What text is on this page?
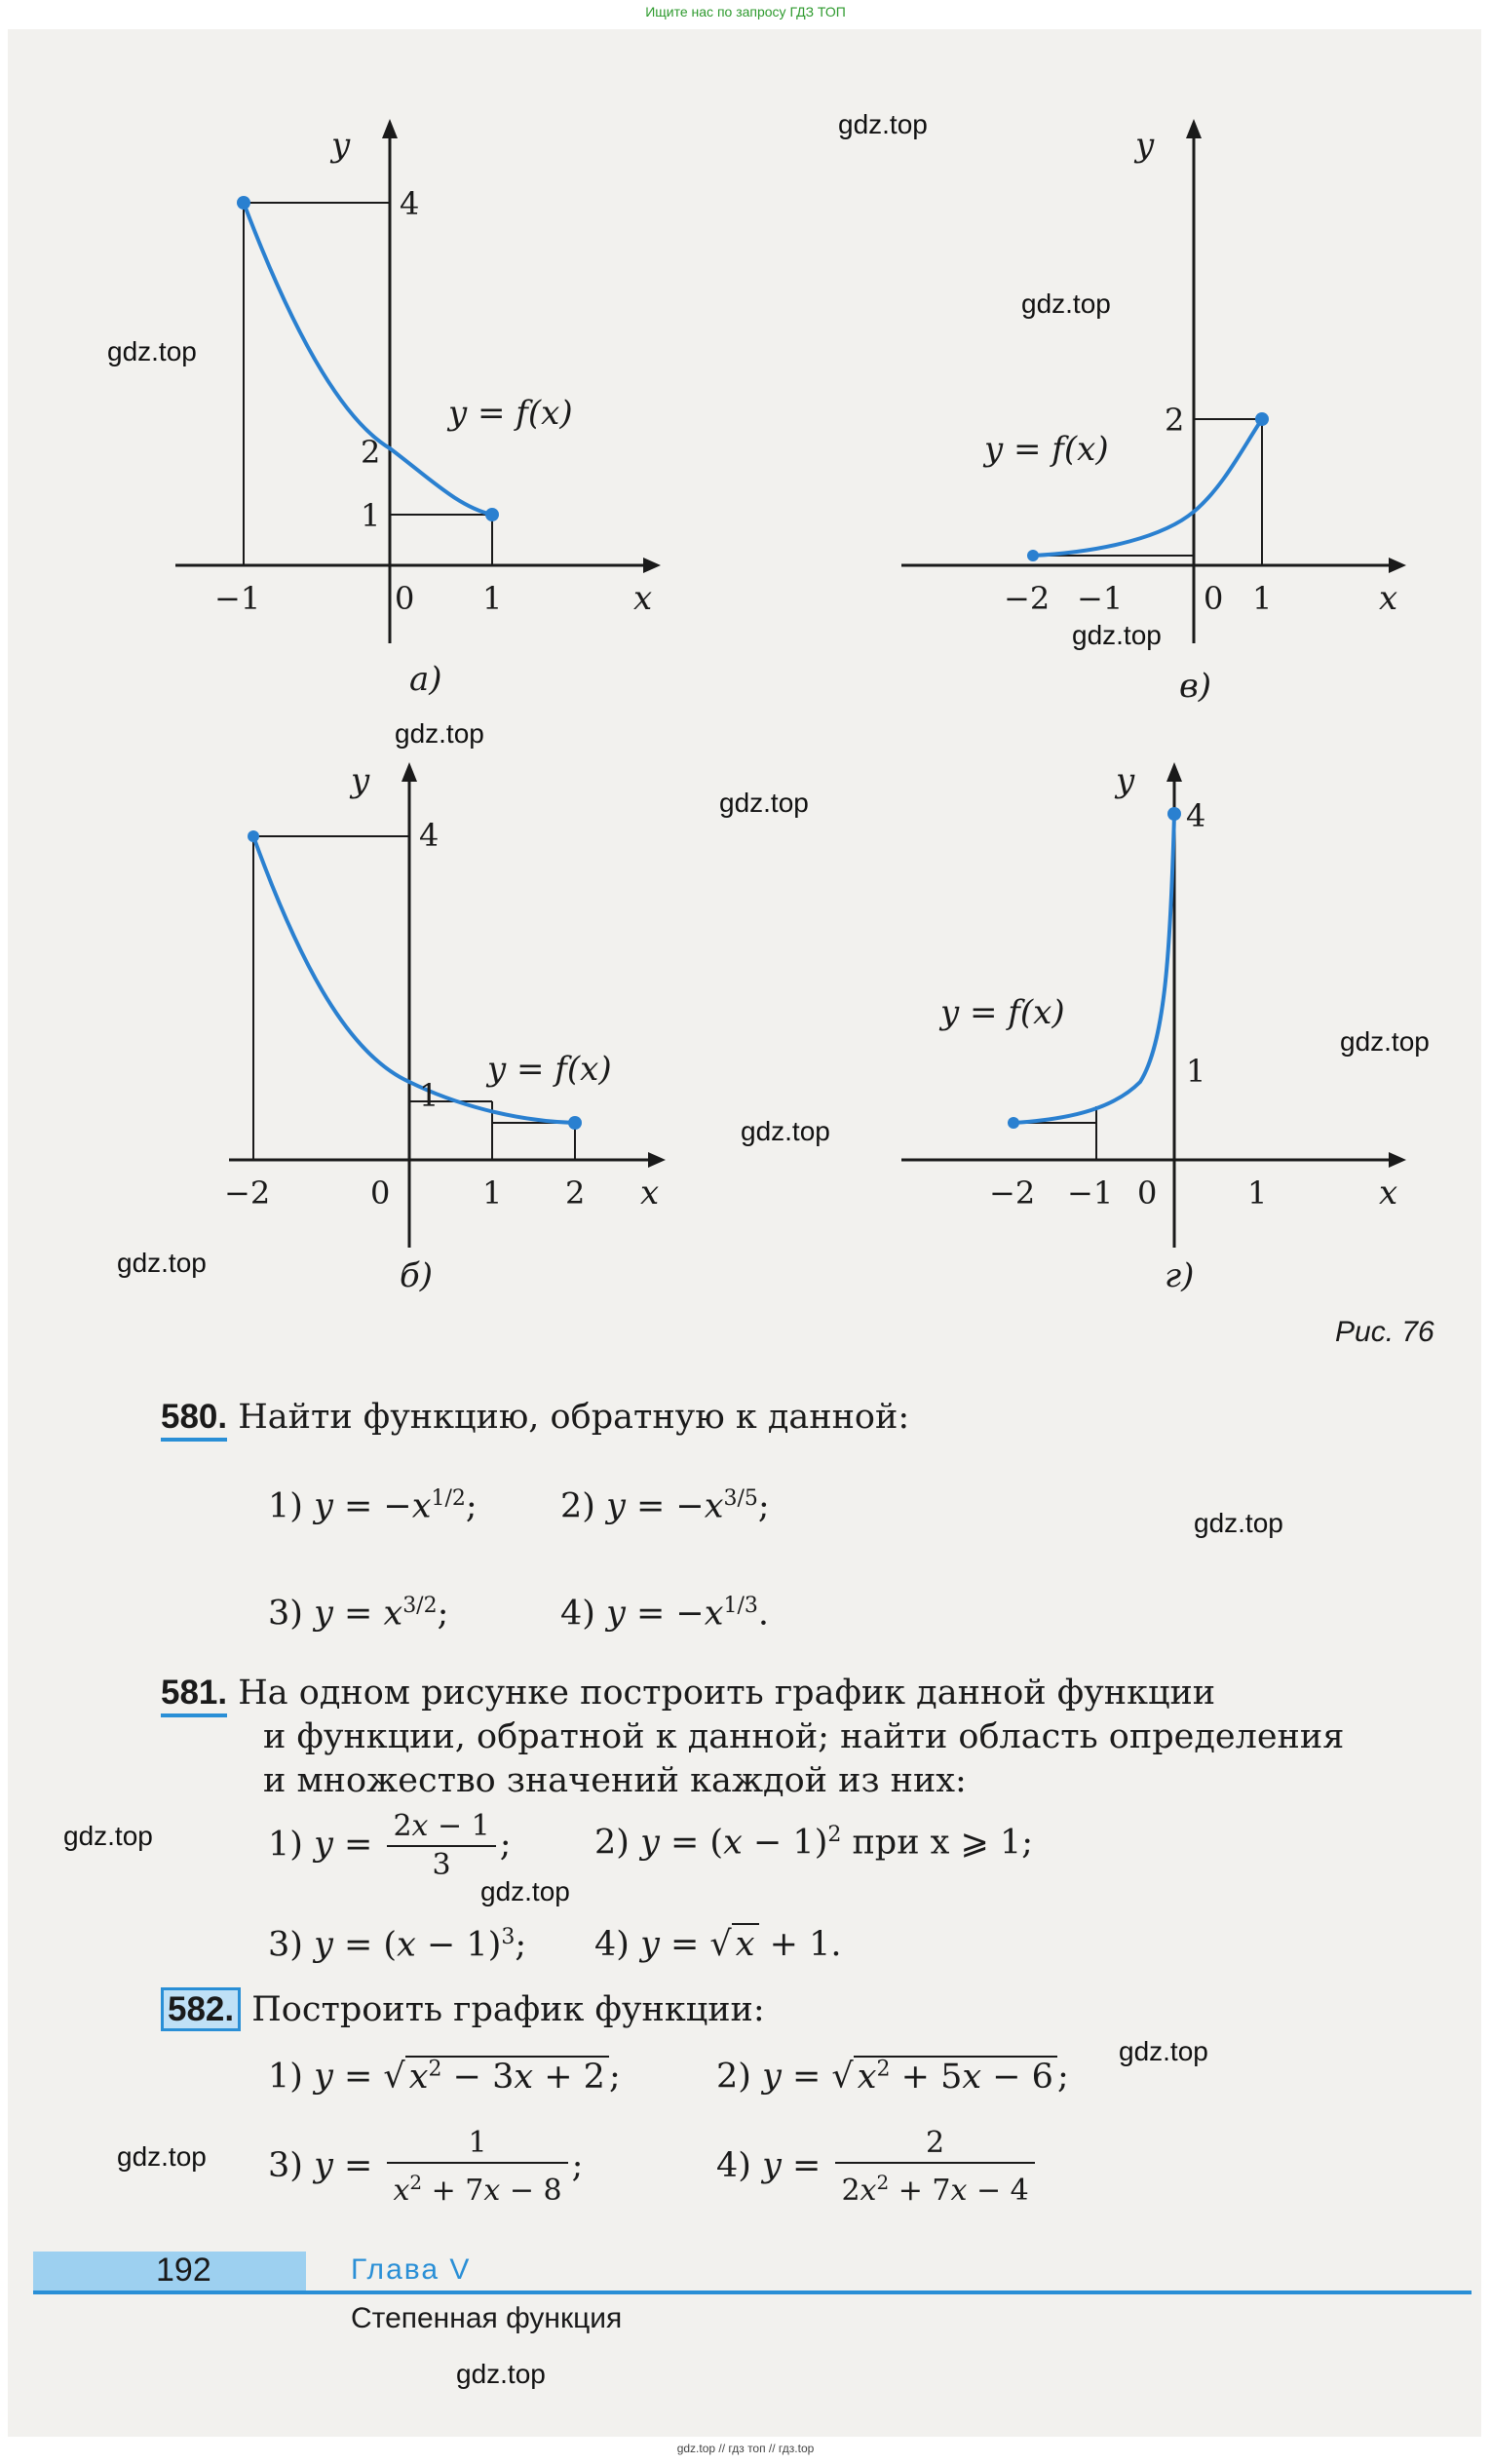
Ищите нас по запросу ГДЗ ТОП
y
x
−1	0 1
1
2
4
y = f(x)
а)
y
x
−2 −1	0 1
2
y = f(x)
в)
y
x
−2	0	1 2
1
4
y = f(x)
б)
y
x
−2 −1 0	1
1
4
y = f(x)
г)
Рис. 76
580. Найти функцию, обратную к данной:
1) $y = -x^{1/2}$; 2) $y = -x^{3/5}$;
3) $y = x^{3/2}$;	4) $y = -x^{1/3}$.
581. На одном рисунке построить график данной функции
и функции, обратной к данной; найти область определения
и множество значений каждой из них:
1) $y = \frac{2x - 1}{3}$ ; 2) $y = (x - 1)^2$ при x ⩾ 1;
3) $y = (x - 1)^3$; 4) y = √ x + 1.
582. Построить график функции:
1) y = √ $x^2 - 3x + 2$ ;	2) y = √ $x^2 + 5x - 6$ ;
3) $y = \frac{1}{x^2 + 7x - 8}$ ;	4) $y = \frac{2}{2x^2 + 7x - 4}$
192	Глава V
Степенная функция
gdz.top
gdz.top
gdz.top
gdz.top
gdz.top
gdz.top
gdz.top
gdz.top
gdz.top
gdz.top
gdz.top
gdz.top
gdz.top
gdz.top
gdz.top
gdz.top // гдз топ // гдз.top
